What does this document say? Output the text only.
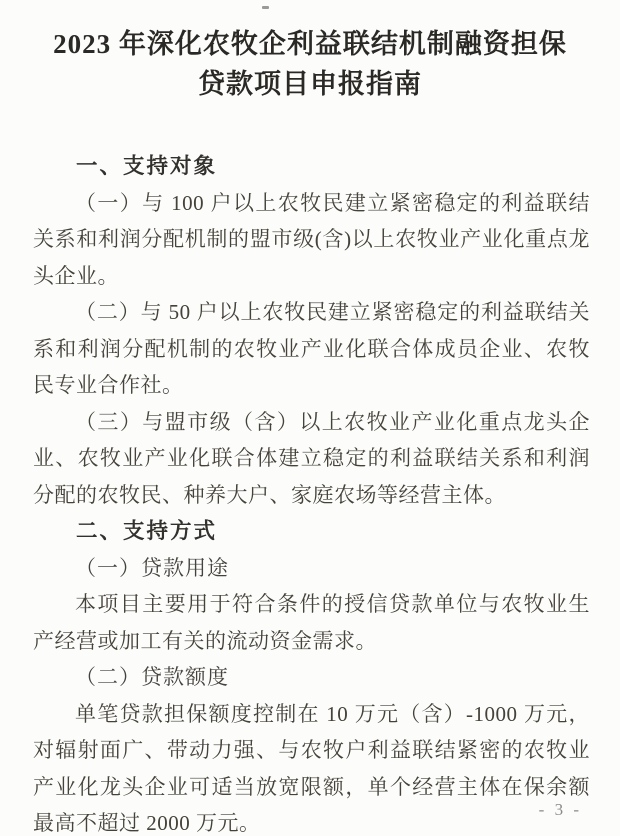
2023 年深化农牧企利益联结机制融资担保
贷款项目申报指南
一、支持对象

（一）与 100 户以上农牧民建立紧密稳定的利益联结关系和利润分配机制的盟市级(含)以上农牧业产业化重点龙头企业。

（二）与 50 户以上农牧民建立紧密稳定的利益联结关系和利润分配机制的农牧业产业化联合体成员企业、农牧民专业合作社。

（三）与盟市级（含）以上农牧业产业化重点龙头企业、农牧业产业化联合体建立稳定的利益联结关系和利润分配的农牧民、种养大户、家庭农场等经营主体。

二、支持方式
（一）贷款用途

本项目主要用于符合条件的授信贷款单位与农牧业生产经营或加工有关的流动资金需求。

（二）贷款额度

单笔贷款担保额度控制在 10 万元（含）-1000 万元，对辐射面广、带动力强、与农牧户利益联结紧密的农牧业产业化龙头企业可适当放宽限额，单个经营主体在保余额最高不超过 2000 万元。

- 3 -
